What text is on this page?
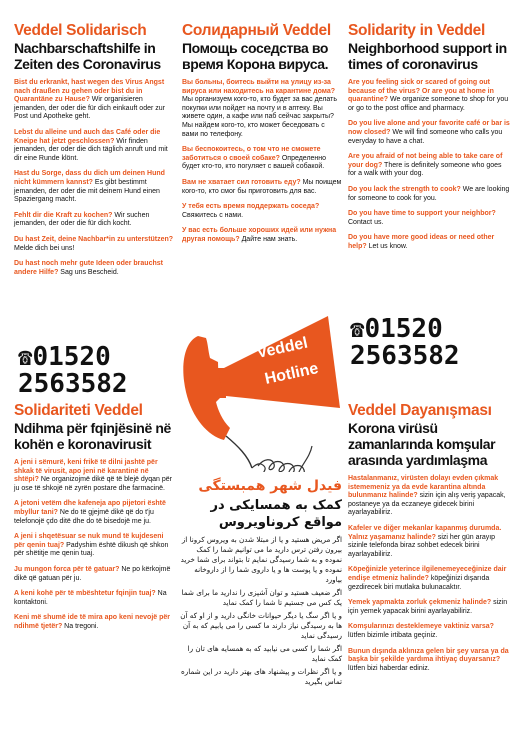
Veddel Solidarisch
Nachbarschaftshilfe in Zeiten des Coronavirus
Bist du erkrankt, hast wegen des Virus Angst nach draußen zu gehen oder bist du in Quarantäne zu Hause? Wir organisieren jemanden, der oder die für dich einkauft oder zur Post und Apotheke geht.
Lebst du alleine und auch das Café oder die Kneipe hat jetzt geschlossen? Wir finden jemanden, der oder die dich täglich anruft und mit dir eine Runde klönt.
Hast du Sorge, dass du dich um deinen Hund nicht kümmern kannst? Es gibt bestimmt jemanden, der oder die mit deinem Hund einen Spaziergang macht.
Fehlt dir die Kraft zu kochen? Wir suchen jemanden, der oder die für dich kocht.
Du hast Zeit, deine Nachbar*in zu unterstützen? Melde dich bei uns!
Du hast noch mehr gute Ideen oder brauchst andere Hilfe? Sag uns Bescheid.
Солидарный Veddel
Помощь соседства во время Корона вируса.
Вы больны, боитесь выйти на улицу из-за вируса или находитесь на карантине дома? Мы организуем кого-то, кто будет за вас делать покупки или пойдет на почту и в аптеку. Вы живете один, а кафе или паб сейчас закрыты? Мы найдем кого-то, кто может беседовать с вами по телефону.
Вы беспокоитесь, о том что не сможете заботиться о своей собаке? Определенно будет кто-то, кто погуляет с вашей собакой.
Вам не хватает сил готовить еду? Мы поищем кого-то, кто смог бы приготовить для вас.
У тебя есть время поддержать соседа? Свяжитесь с нами.
У вас есть больше хороших идей или нужна другая помощь? Дайте нам знать.
Solidarity in Veddel
Neighborhood support in times of coronavirus
Are you feeling sick or scared of going out because of the virus? Or are you at home in quarantine? We organize someone to shop for you or go to the post office and pharmacy.
Do you live alone and your favorite café or bar is now closed? We will find someone who calls you everyday to have a chat.
Are you afraid of not being able to take care of your dog? There is definitely someone who goes for a walk with your dog.
Do you lack the strength to cook? We are looking for someone to cook for you.
Do you have time to support your neighbor? Contact us.
Do you have more good ideas or need other help? Let us know.
☎01520
2563582
☎01520
2563582
Veddel
Hotline
Solidariteti Veddel
Ndihma për fqinjësinë në kohën e koronavirusit
A jeni i sëmurë, keni frikë të dilni jashtë për shkak të virusit, apo jeni në karantinë në shtëpi? Ne organizojmë dikë që të blejë dyqan për ju ose të shkojë në zyrën postare dhe farmacinë.
A jetoni vetëm dhe kafeneja apo pijetori është mbyllur tani? Ne do të gjejmë dikë që do t'ju telefonojë çdo ditë dhe do të bisedojë me ju.
A jeni i shqetësuar se nuk mund të kujdeseni për qenin tuaj? Padyshim është dikush që shkon për shëtitje me qenin tuaj.
Ju mungon forca për të gatuar? Ne po kërkojmë dikë që gatuan për ju.
A keni kohë për të mbështetur fqinjin tuaj? Na kontaktoni.
Keni më shumë ide të mira apo keni nevojë për ndihmë tjetër? Na tregoni.
فیدل شهر همبستگی
کمک به همسایکی در مواقع کروناویروس
اگر مریض هستید و یا از مبتلا شدن به ویروس کرونا از بیرون رفتن ترس دارید ما می توانیم شما را کمک نموده و به شما رسیدگی نمایم تا بتواند برای شما خرید نموده و یا پوست ها و یا داروی شما را از داروخانه بیاورد
اگر ضعیف هستید و توان آشپزی را ندارید ما برای شما یک کس می جستیم تا شما را کمک نماید
و یا اگر سگ یا دیگر حیوانات خانگی دارید و از او که آن ها به رسیدگی نیاز دارند ما کسی را می یابیم که به آن رسیدگی نماید
اگر شما را کسی می نیابید که به همسایه های تان را کمک نماید
و یا اگر نظرات و پیشنهاد های بهتر دارید در این شماره تماس بگیرید
Veddel Dayanışması
Korona virüsü zamanlarında komşular arasında yardımlaşma
Hastalanmanız, virüsten dolayı evden çıkmak istememeniz ya da evde karantina altında bulunmanız halinde? sizin için alış veriş yapacak, postaneye ya da eczaneye gidecek birini ayarlayabiliriz.
Kafeler ve diğer mekanlar kapanmış durumda. Yalnız yaşamanız halinde? sizi her gün arayıp sizinle telefonda biraz sohbet edecek birini ayarlayabiliriz.
Köpeğinizle yeterince ilgilenemeyeceğinize dair endişe etmeniz halinde? köpeğinizi dışarıda gezdirecek biri mutlaka bulunacaktır.
Yemek yapmakta zorluk çekmeniz halinde? sizin için yemek yapacak birini ayarlayabiliriz.
Komşularınızı desteklemeye vaktiniz varsa? lütfen bizimle irtibata geçiniz.
Bunun dışında aklınıza gelen bir şey varsa ya da başka bir şekilde yardıma ihtiyaç duyarsanız? lütfen bizi haberdar ediniz.
